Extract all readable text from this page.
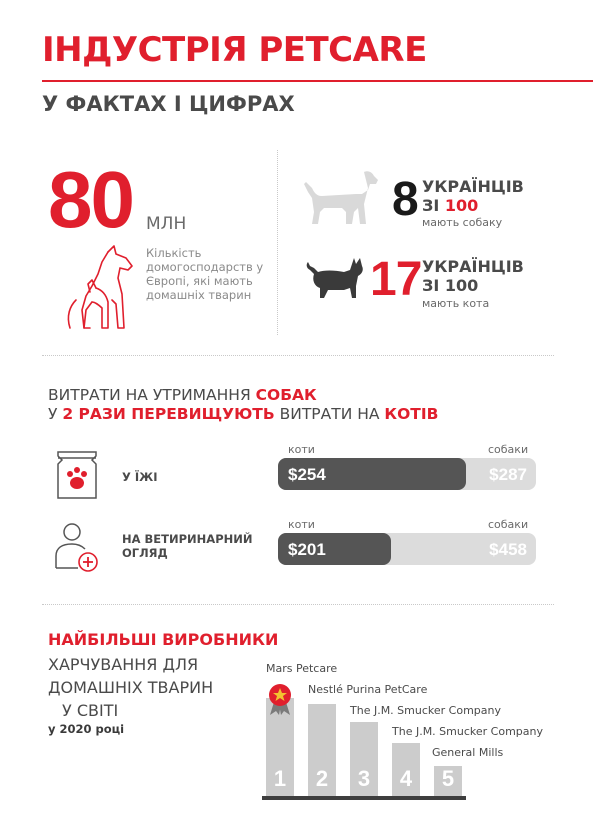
ІНДУСТРІЯ PETCARE
У ФАКТАХ І ЦИФРАХ
80 МЛН
Кількість домогосподарств у Європі, які мають домашніх тварин
8 УКРАЇНЦІВ
ЗІ 100
мають собаку
17 УКРАЇНЦІВ
ЗІ 100
мають кота
ВИТРАТИ НА УТРИМАННЯ СОБАК
У 2 РАЗИ ПЕРЕВИЩУЮТЬ ВИТРАТИ НА КОТІВ
У ЇЖІ
коти	собаки
$254	$287
НА ВЕТИРИНАРНИЙ ОГЛЯД
коти	собаки
$201	$458
НАЙБІЛЬШІ ВИРОБНИКИ
ХАРЧУВАННЯ ДЛЯ
ДОМАШНІХ ТВАРИН
У СВІТІ
у 2020 році
1
Mars Petcare
2
Nestlé Purina PetCare
3
The J.M. Smucker Company
4
The J.M. Smucker Company
5
General Mills
